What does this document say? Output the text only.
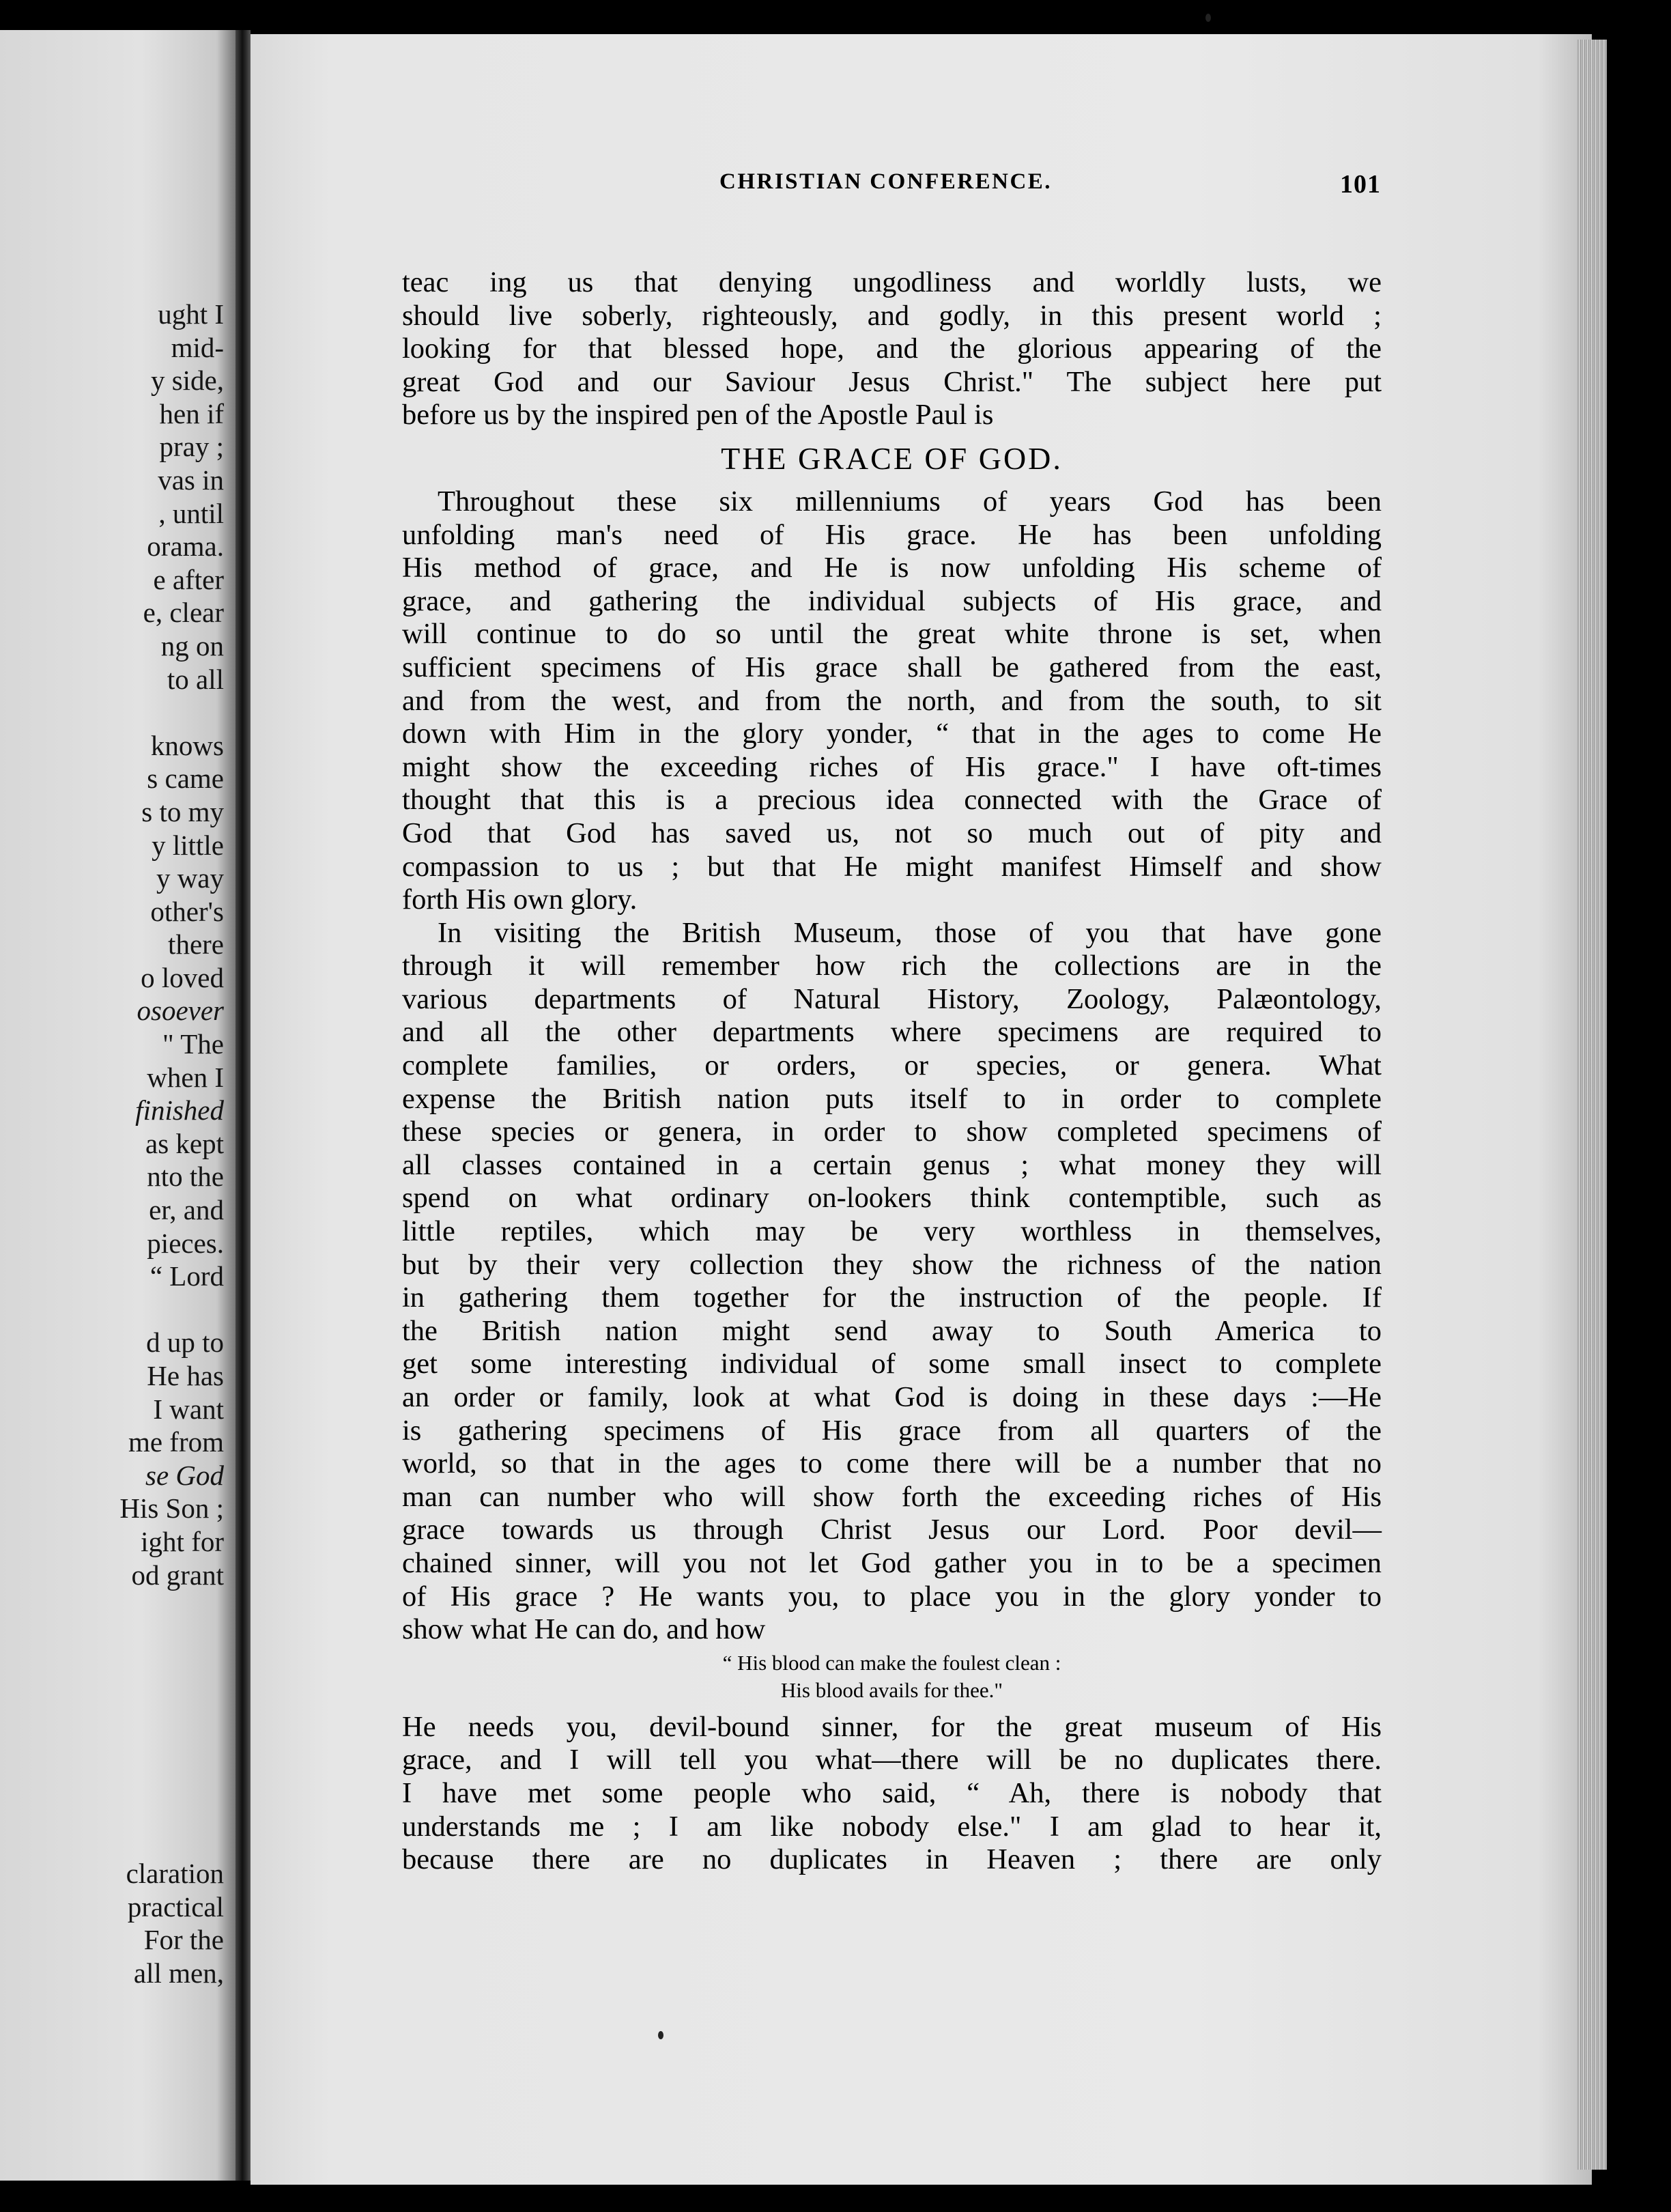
ught I
mid-
y side,
hen if
pray ;
vas in
, until
orama.
e after
e, clear
ng on
to all
knows
s came
s to my
y little
y way
other's
there
o loved
osoever
" The
when I
finished
as kept
nto the
er, and
pieces.
“ Lord
d up to
He has
I want
me from
se God
His Son ;
ight for
od grant
claration
practical
For the
all men,
CHRISTIAN CONFERENCE.	101
teac ing us that denying ungodliness and worldly lusts, we
should live soberly, righteously, and godly, in this present world ;
looking for that blessed hope, and the glorious appearing of the
great God and our Saviour Jesus Christ." The subject here put
before us by the inspired pen of the Apostle Paul is
THE GRACE OF GOD.
Throughout these six millenniums of years God has been
unfolding man's need of His grace. He has been unfolding
His method of grace, and He is now unfolding His scheme of
grace, and gathering the individual subjects of His grace, and
will continue to do so until the great white throne is set, when
sufficient specimens of His grace shall be gathered from the east,
and from the west, and from the north, and from the south, to sit
down with Him in the glory yonder, “ that in the ages to come He
might show the exceeding riches of His grace." I have oft-times
thought that this is a precious idea connected with the Grace of
God that God has saved us, not so much out of pity and
compassion to us ; but that He might manifest Himself and show
forth His own glory.
In visiting the British Museum, those of you that have gone
through it will remember how rich the collections are in the
various departments of Natural History, Zoology, Palæontology,
and all the other departments where specimens are required to
complete families, or orders, or species, or genera. What
expense the British nation puts itself to in order to complete
these species or genera, in order to show completed specimens of
all classes contained in a certain genus ; what money they will
spend on what ordinary on-lookers think contemptible, such as
little reptiles, which may be very worthless in themselves,
but by their very collection they show the richness of the nation
in gathering them together for the instruction of the people. If
the British nation might send away to South America to
get some interesting individual of some small insect to complete
an order or family, look at what God is doing in these days :—He
is gathering specimens of His grace from all quarters of the
world, so that in the ages to come there will be a number that no
man can number who will show forth the exceeding riches of His
grace towards us through Christ Jesus our Lord. Poor devil—
chained sinner, will you not let God gather you in to be a specimen
of His grace ? He wants you, to place you in the glory yonder to
show what He can do, and how
“ His blood can make the foulest clean :
His blood avails for thee."
He needs you, devil-bound sinner, for the great museum of His
grace, and I will tell you what—there will be no duplicates there.
I have met some people who said, “ Ah, there is nobody that
understands me ; I am like nobody else." I am glad to hear it,
because there are no duplicates in Heaven ; there are only
